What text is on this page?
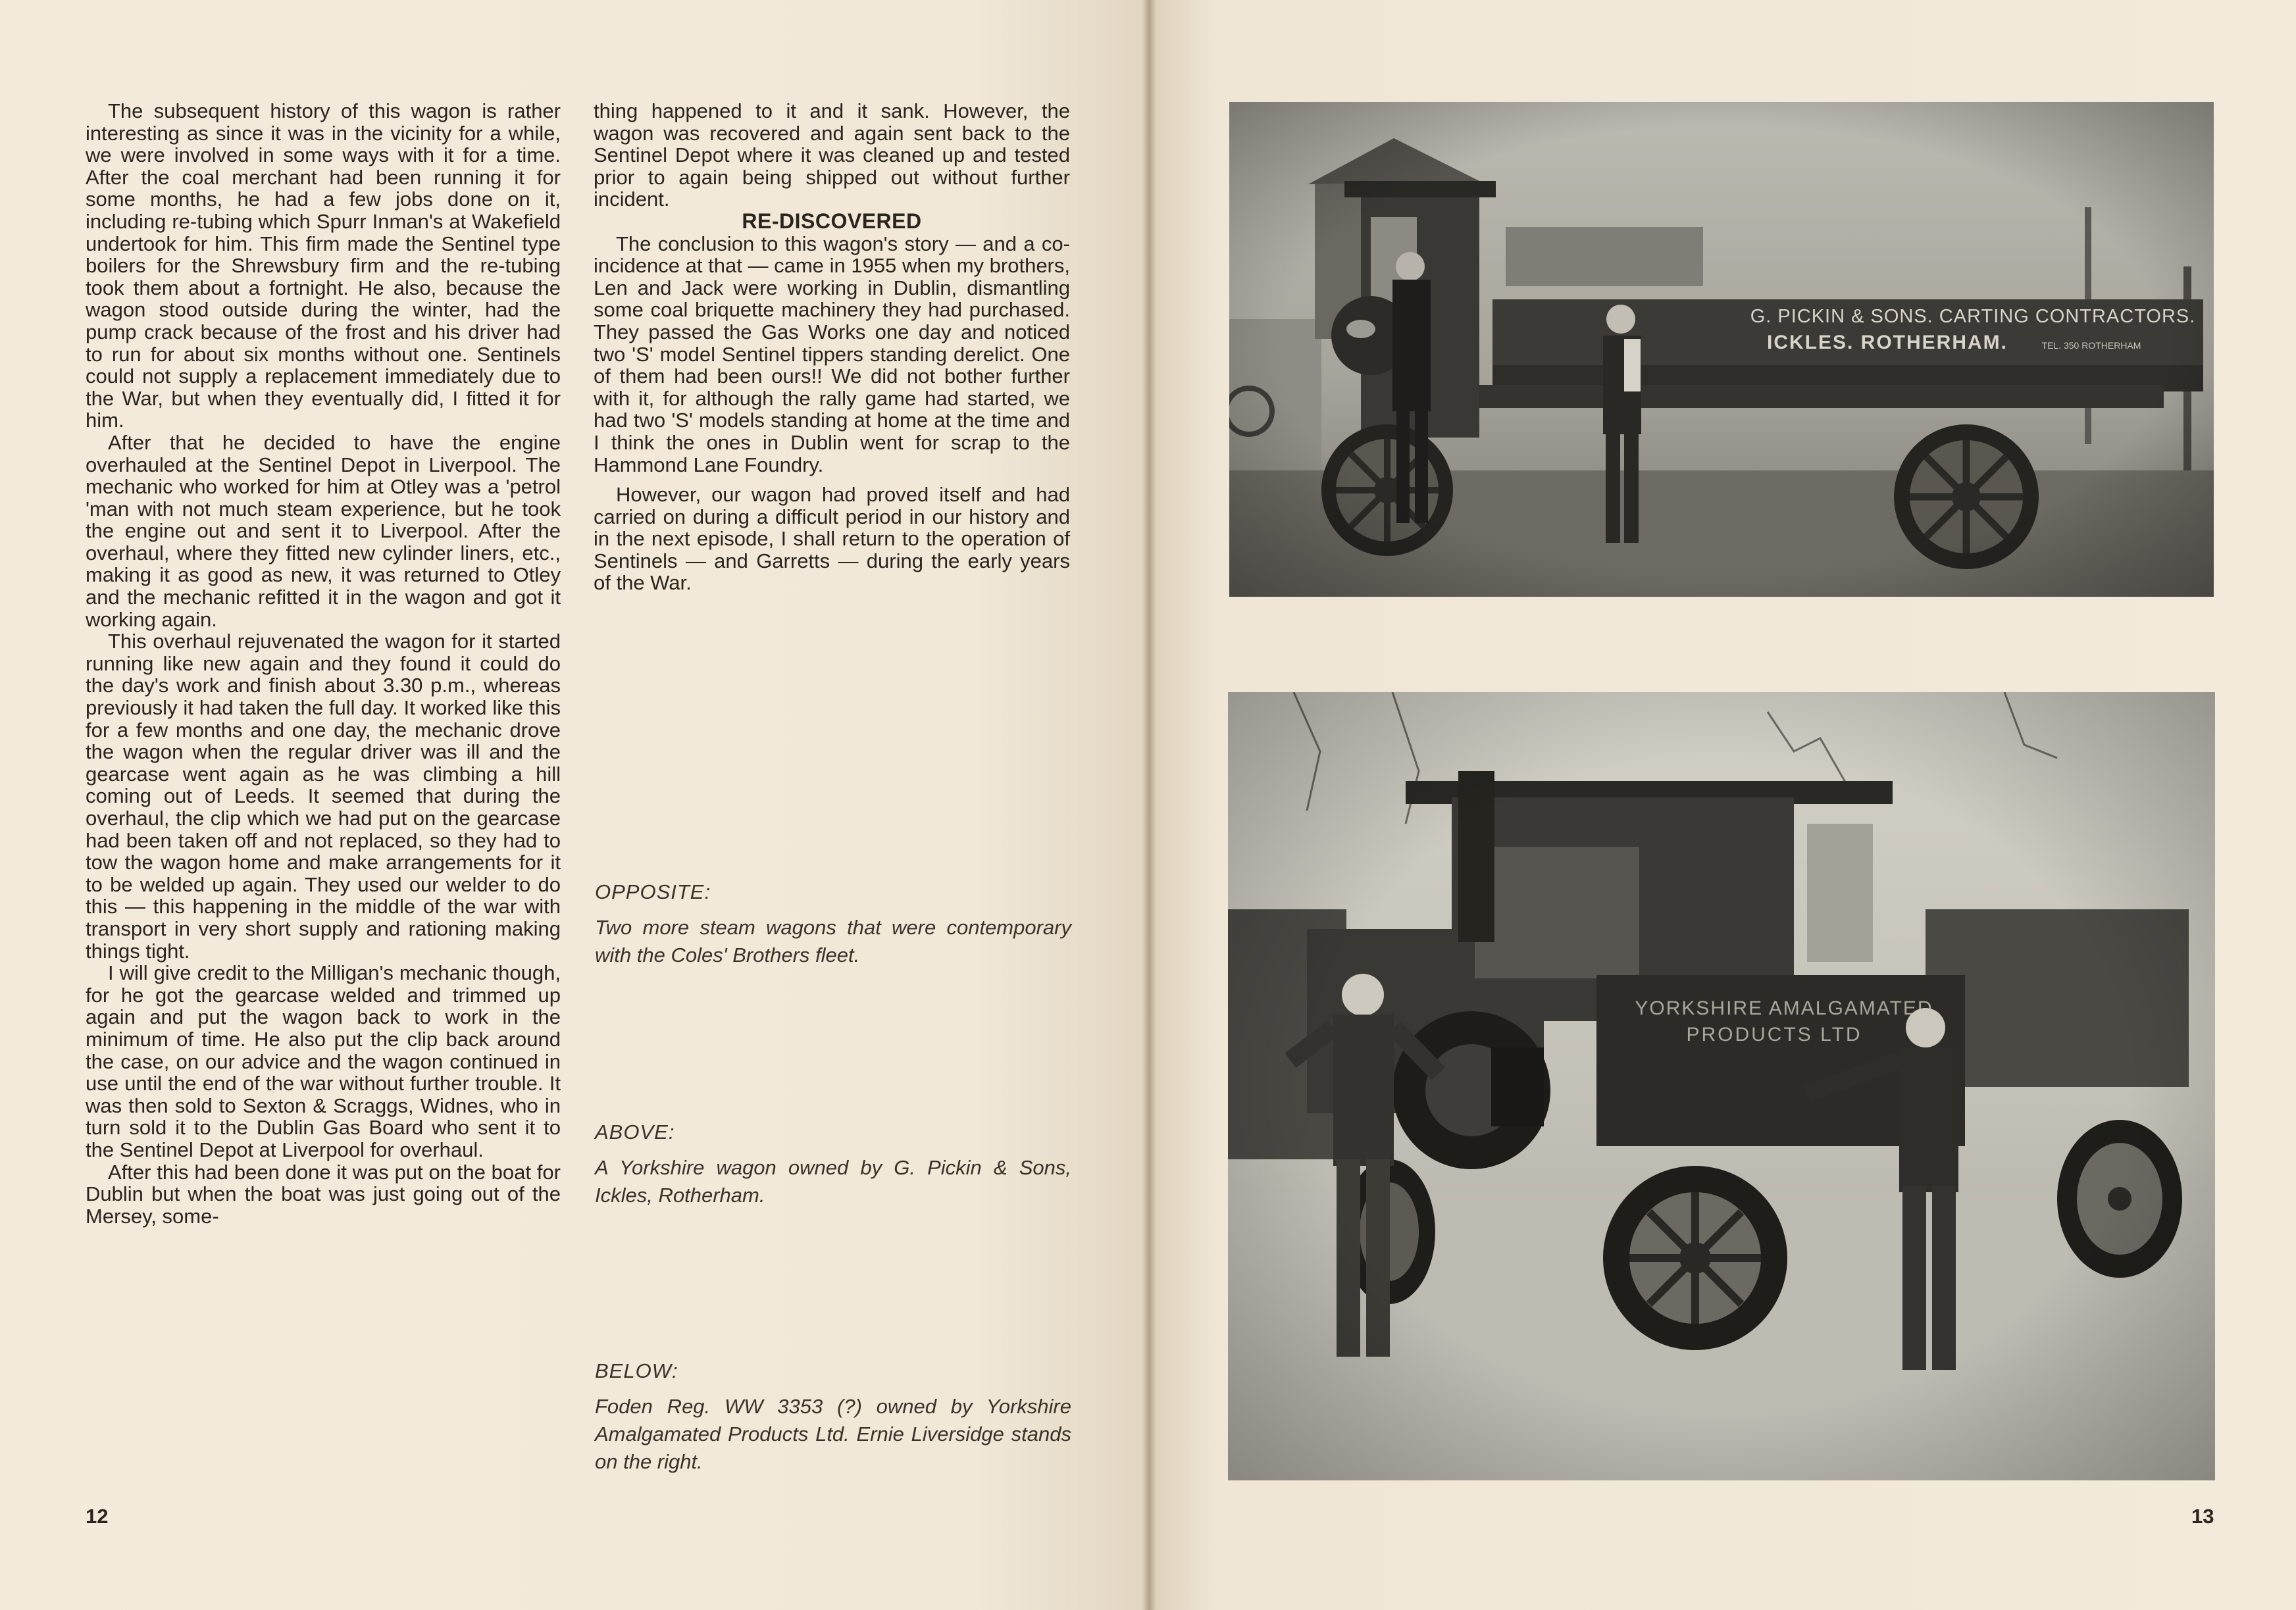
The subsequent history of this wagon is rather interesting as since it was in the vicinity for a while, we were involved in some ways with it for a time. After the coal merchant had been running it for some months, he had a few jobs done on it, including re-tubing which Spurr Inman's at Wakefield undertook for him. This firm made the Sentinel type boilers for the Shrewsbury firm and the re-tubing took them about a fortnight. He also, because the wagon stood outside during the winter, had the pump crack because of the frost and his driver had to run for about six months without one. Sentinels could not supply a replacement immediately due to the War, but when they eventually did, I fitted it for him.

After that he decided to have the engine overhauled at the Sentinel Depot in Liverpool. The mechanic who worked for him at Otley was a 'petrol 'man with not much steam experience, but he took the engine out and sent it to Liverpool. After the overhaul, where they fitted new cylinder liners, etc., making it as good as new, it was returned to Otley and the mechanic refitted it in the wagon and got it working again.

This overhaul rejuvenated the wagon for it started running like new again and they found it could do the day's work and finish about 3.30 p.m., whereas previously it had taken the full day. It worked like this for a few months and one day, the mechanic drove the wagon when the regular driver was ill and the gearcase went again as he was climbing a hill coming out of Leeds. It seemed that during the overhaul, the clip which we had put on the gearcase had been taken off and not replaced, so they had to tow the wagon home and make arrangements for it to be welded up again. They used our welder to do this — this happening in the middle of the war with transport in very short supply and rationing making things tight.

I will give credit to the Milligan's mechanic though, for he got the gearcase welded and trimmed up again and put the wagon back to work in the minimum of time. He also put the clip back around the case, on our advice and the wagon continued in use until the end of the war without further trouble. It was then sold to Sexton & Scraggs, Widnes, who in turn sold it to the Dublin Gas Board who sent it to the Sentinel Depot at Liverpool for overhaul.

After this had been done it was put on the boat for Dublin but when the boat was just going out of the Mersey, some-

thing happened to it and it sank. However, the wagon was recovered and again sent back to the Sentinel Depot where it was cleaned up and tested prior to again being shipped out without further incident.

RE-DISCOVERED

The conclusion to this wagon's story — and a co-incidence at that — came in 1955 when my brothers, Len and Jack were working in Dublin, dismantling some coal briquette machinery they had purchased. They passed the Gas Works one day and noticed two 'S' model Sentinel tippers standing derelict. One of them had been ours!! We did not bother further with it, for although the rally game had started, we had two 'S' models standing at home at the time and I think the ones in Dublin went for scrap to the Hammond Lane Foundry.

However, our wagon had proved itself and had carried on during a difficult period in our history and in the next episode, I shall return to the operation of Sentinels — and Garretts — during the early years of the War.

OPPOSITE:
Two more steam wagons that were contemporary with the Coles' Brothers fleet.
ABOVE:
A Yorkshire wagon owned by G. Pickin & Sons, Ickles, Rotherham.
BELOW:
Foden Reg. WW 3353 (?) owned by Yorkshire Amalgamated Products Ltd. Ernie Liversidge stands on the right.
12	13
